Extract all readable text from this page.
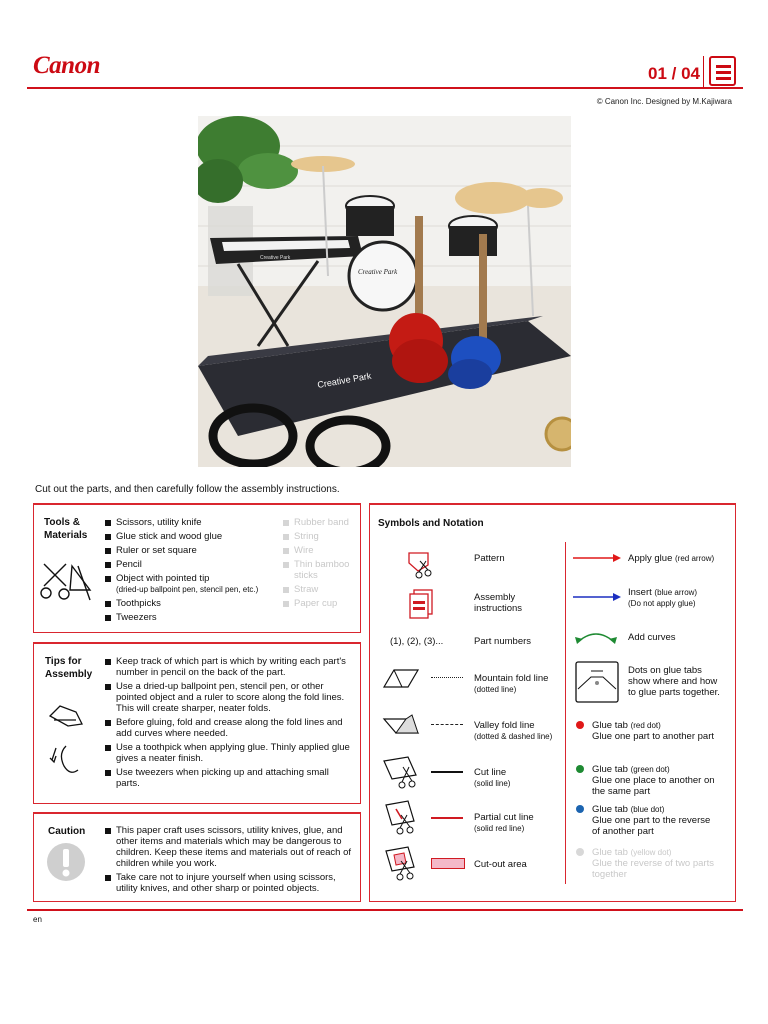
Canon	01 / 04
© Canon Inc. Designed by M.Kajiwara
Creative Park
Creative Park
Creative Park
Cut out the parts, and then carefully follow the assembly instructions.
Tools &
Materials
Scissors, utility knife
Glue stick and wood glue
Ruler or set square
Pencil
Object with pointed tip
(dried-up ballpoint pen, stencil pen, etc.)
Toothpicks
Tweezers
Rubber band
String
Wire
Thin bamboo sticks
Straw
Paper cup
Tips for
Assembly
Keep track of which part is which by writing each part's number in pencil on the back of the part.
Use a dried-up ballpoint pen, stencil pen, or other pointed object and a ruler to score along the fold lines. This will create sharper, neater folds.
Before gluing, fold and crease along the fold lines and add curves where needed.
Use a toothpick when applying glue. Thinly applied glue gives a neater finish.
Use tweezers when picking up and attaching small parts.
Caution	This paper craft uses scissors, utility knives, glue, and other items and materials which may be dangerous to children. Keep these items and materials out of reach of children while you work.
Take care not to injure yourself when using scissors, utility knives, and other sharp or pointed objects.
Symbols and Notation
Pattern
Assembly
instructions
(1), (2), (3)...	Part numbers
Mountain fold line
(dotted line)
Valley fold line
(dotted & dashed line)
Cut line
(solid line)
Partial cut line
(solid red line)
Cut-out area
Apply glue (red arrow)
Insert (blue arrow)
(Do not apply glue)
Add curves
Dots on glue tabs
show where and how
to glue parts together.
Glue tab (red dot)
Glue one part to another part
Glue tab (green dot)
Glue one place to another on
the same part
Glue tab (blue dot)
Glue one part to the reverse
of another part
Glue tab (yellow dot)
Glue the reverse of two parts
together
en
